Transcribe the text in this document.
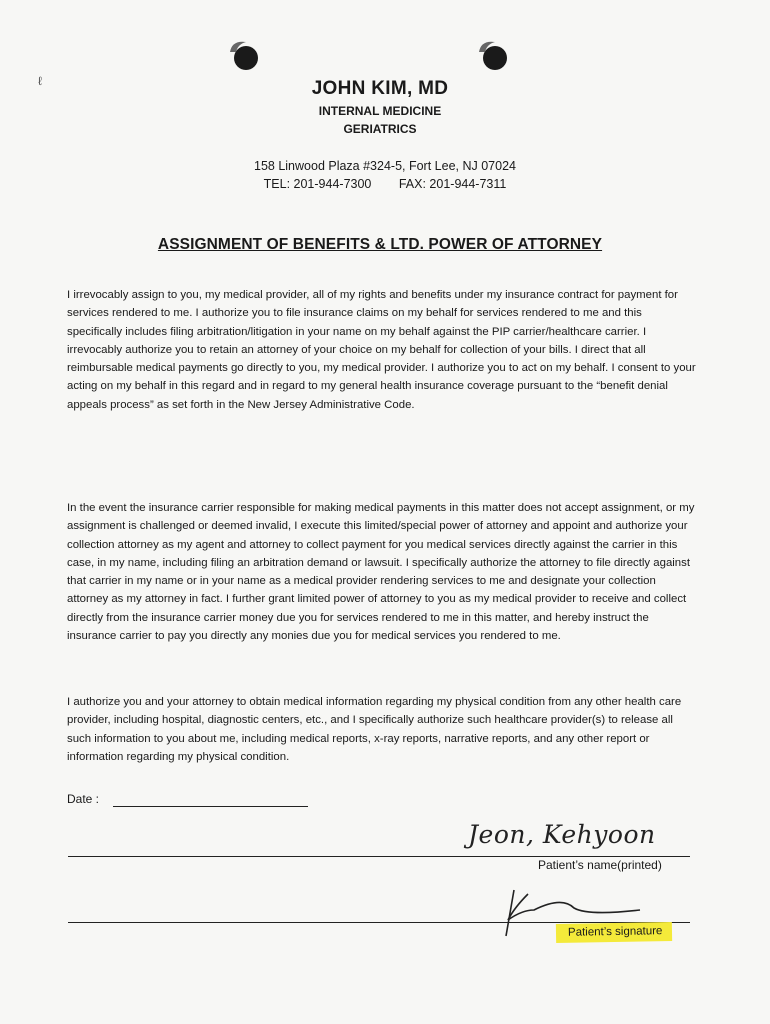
ℓ	JOHN KIM, MD
INTERNAL MEDICINE
GERIATRICS
158 Linwood Plaza #324-5, Fort Lee, NJ 07024
TEL: 201-944-7300 FAX: 201-944-7311
ASSIGNMENT OF BENEFITS & LTD. POWER OF ATTORNEY

I irrevocably assign to you, my medical provider, all of my rights and benefits under my insurance contract for payment for services rendered to me. I authorize you to file insurance claims on my behalf for services rendered to me and this specifically includes filing arbitration/litigation in your name on my behalf against the PIP carrier/healthcare carrier. I irrevocably authorize you to retain an attorney of your choice on my behalf for collection of your bills. I direct that all reimbursable medical payments go directly to you, my medical provider. I authorize you to act on my behalf. I consent to your acting on my behalf in this regard and in regard to my general health insurance coverage pursuant to the “benefit denial appeals process” as set forth in the New Jersey Administrative Code.

In the event the insurance carrier responsible for making medical payments in this matter does not accept assignment, or my assignment is challenged or deemed invalid, I execute this limited/special power of attorney and appoint and authorize your collection attorney as my agent and attorney to collect payment for you medical services directly against the carrier in this case, in my name, including filing an arbitration demand or lawsuit. I specifically authorize the attorney to file directly against that carrier in my name or in your name as a medical provider rendering services to me and designate your collection attorney as my attorney in fact. I further grant limited power of attorney to you as my medical provider to receive and collect directly from the insurance carrier money due you for services rendered to me in this matter, and hereby instruct the insurance carrier to pay you directly any monies due you for medical services you rendered to me.

I authorize you and your attorney to obtain medical information regarding my physical condition from any other health care provider, including hospital, diagnostic centers, etc., and I specifically authorize such healthcare provider(s) to release all such information to you about me, including medical reports, x-ray reports, narrative reports, and any other report or information regarding my physical condition.

Date :
Jeon, Kehyoon
Patient’s name(printed)
Patient’s signature
